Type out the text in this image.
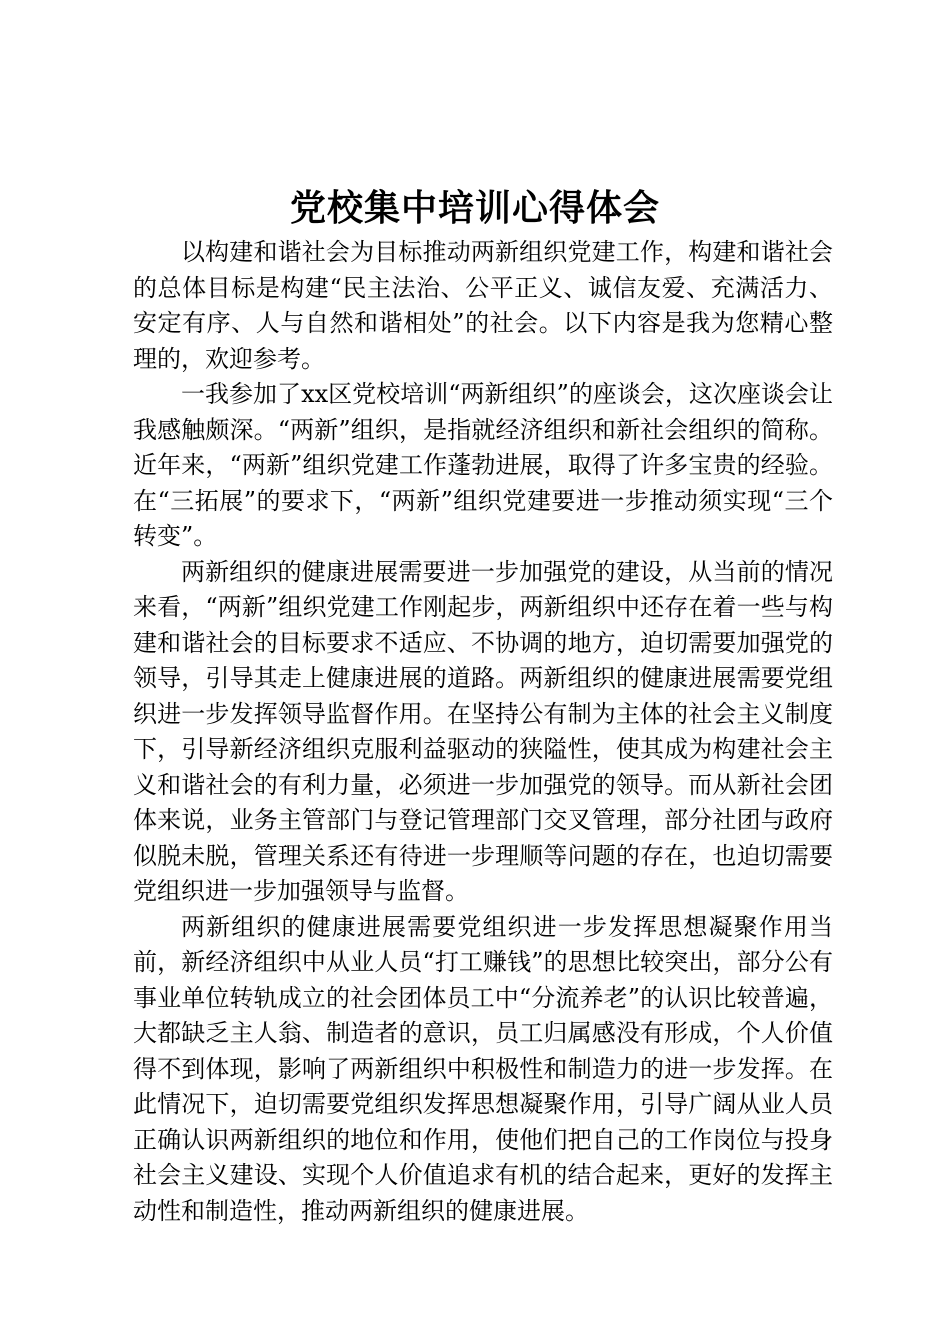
党校集中培训心得体会

以构建和谐社会为目标推动两新组织党建工作，构建和谐社会的总体目标是构建“民主法治、公平正义、诚信友爱、充满活力、安定有序、人与自然和谐相处”的社会。以下内容是我为您精心整理的，欢迎参考。

一我参加了xx区党校培训“两新组织”的座谈会，这次座谈会让我感触颇深。“两新”组织，是指就经济组织和新社会组织的简称。近年来，“两新”组织党建工作蓬勃进展，取得了许多宝贵的经验。在“三拓展”的要求下，“两新”组织党建要进一步推动须实现“三个转变”。

两新组织的健康进展需要进一步加强党的建设，从当前的情况来看，“两新”组织党建工作刚起步，两新组织中还存在着一些与构建和谐社会的目标要求不适应、不协调的地方，迫切需要加强党的领导，引导其走上健康进展的道路。两新组织的健康进展需要党组织进一步发挥领导监督作用。在坚持公有制为主体的社会主义制度下，引导新经济组织克服利益驱动的狭隘性，使其成为构建社会主义和谐社会的有利力量，必须进一步加强党的领导。而从新社会团体来说，业务主管部门与登记管理部门交叉管理，部分社团与政府似脱未脱，管理关系还有待进一步理顺等问题的存在，也迫切需要党组织进一步加强领导与监督。

两新组织的健康进展需要党组织进一步发挥思想凝聚作用当前，新经济组织中从业人员“打工赚钱”的思想比较突出，部分公有事业单位转轨成立的社会团体员工中“分流养老”的认识比较普遍，大都缺乏主人翁、制造者的意识，员工归属感没有形成，个人价值得不到体现，影响了两新组织中积极性和制造力的进一步发挥。在此情况下，迫切需要党组织发挥思想凝聚作用，引导广阔从业人员正确认识两新组织的地位和作用，使他们把自己的工作岗位与投身社会主义建设、实现个人价值追求有机的结合起来，更好的发挥主动性和制造性，推动两新组织的健康进展。
